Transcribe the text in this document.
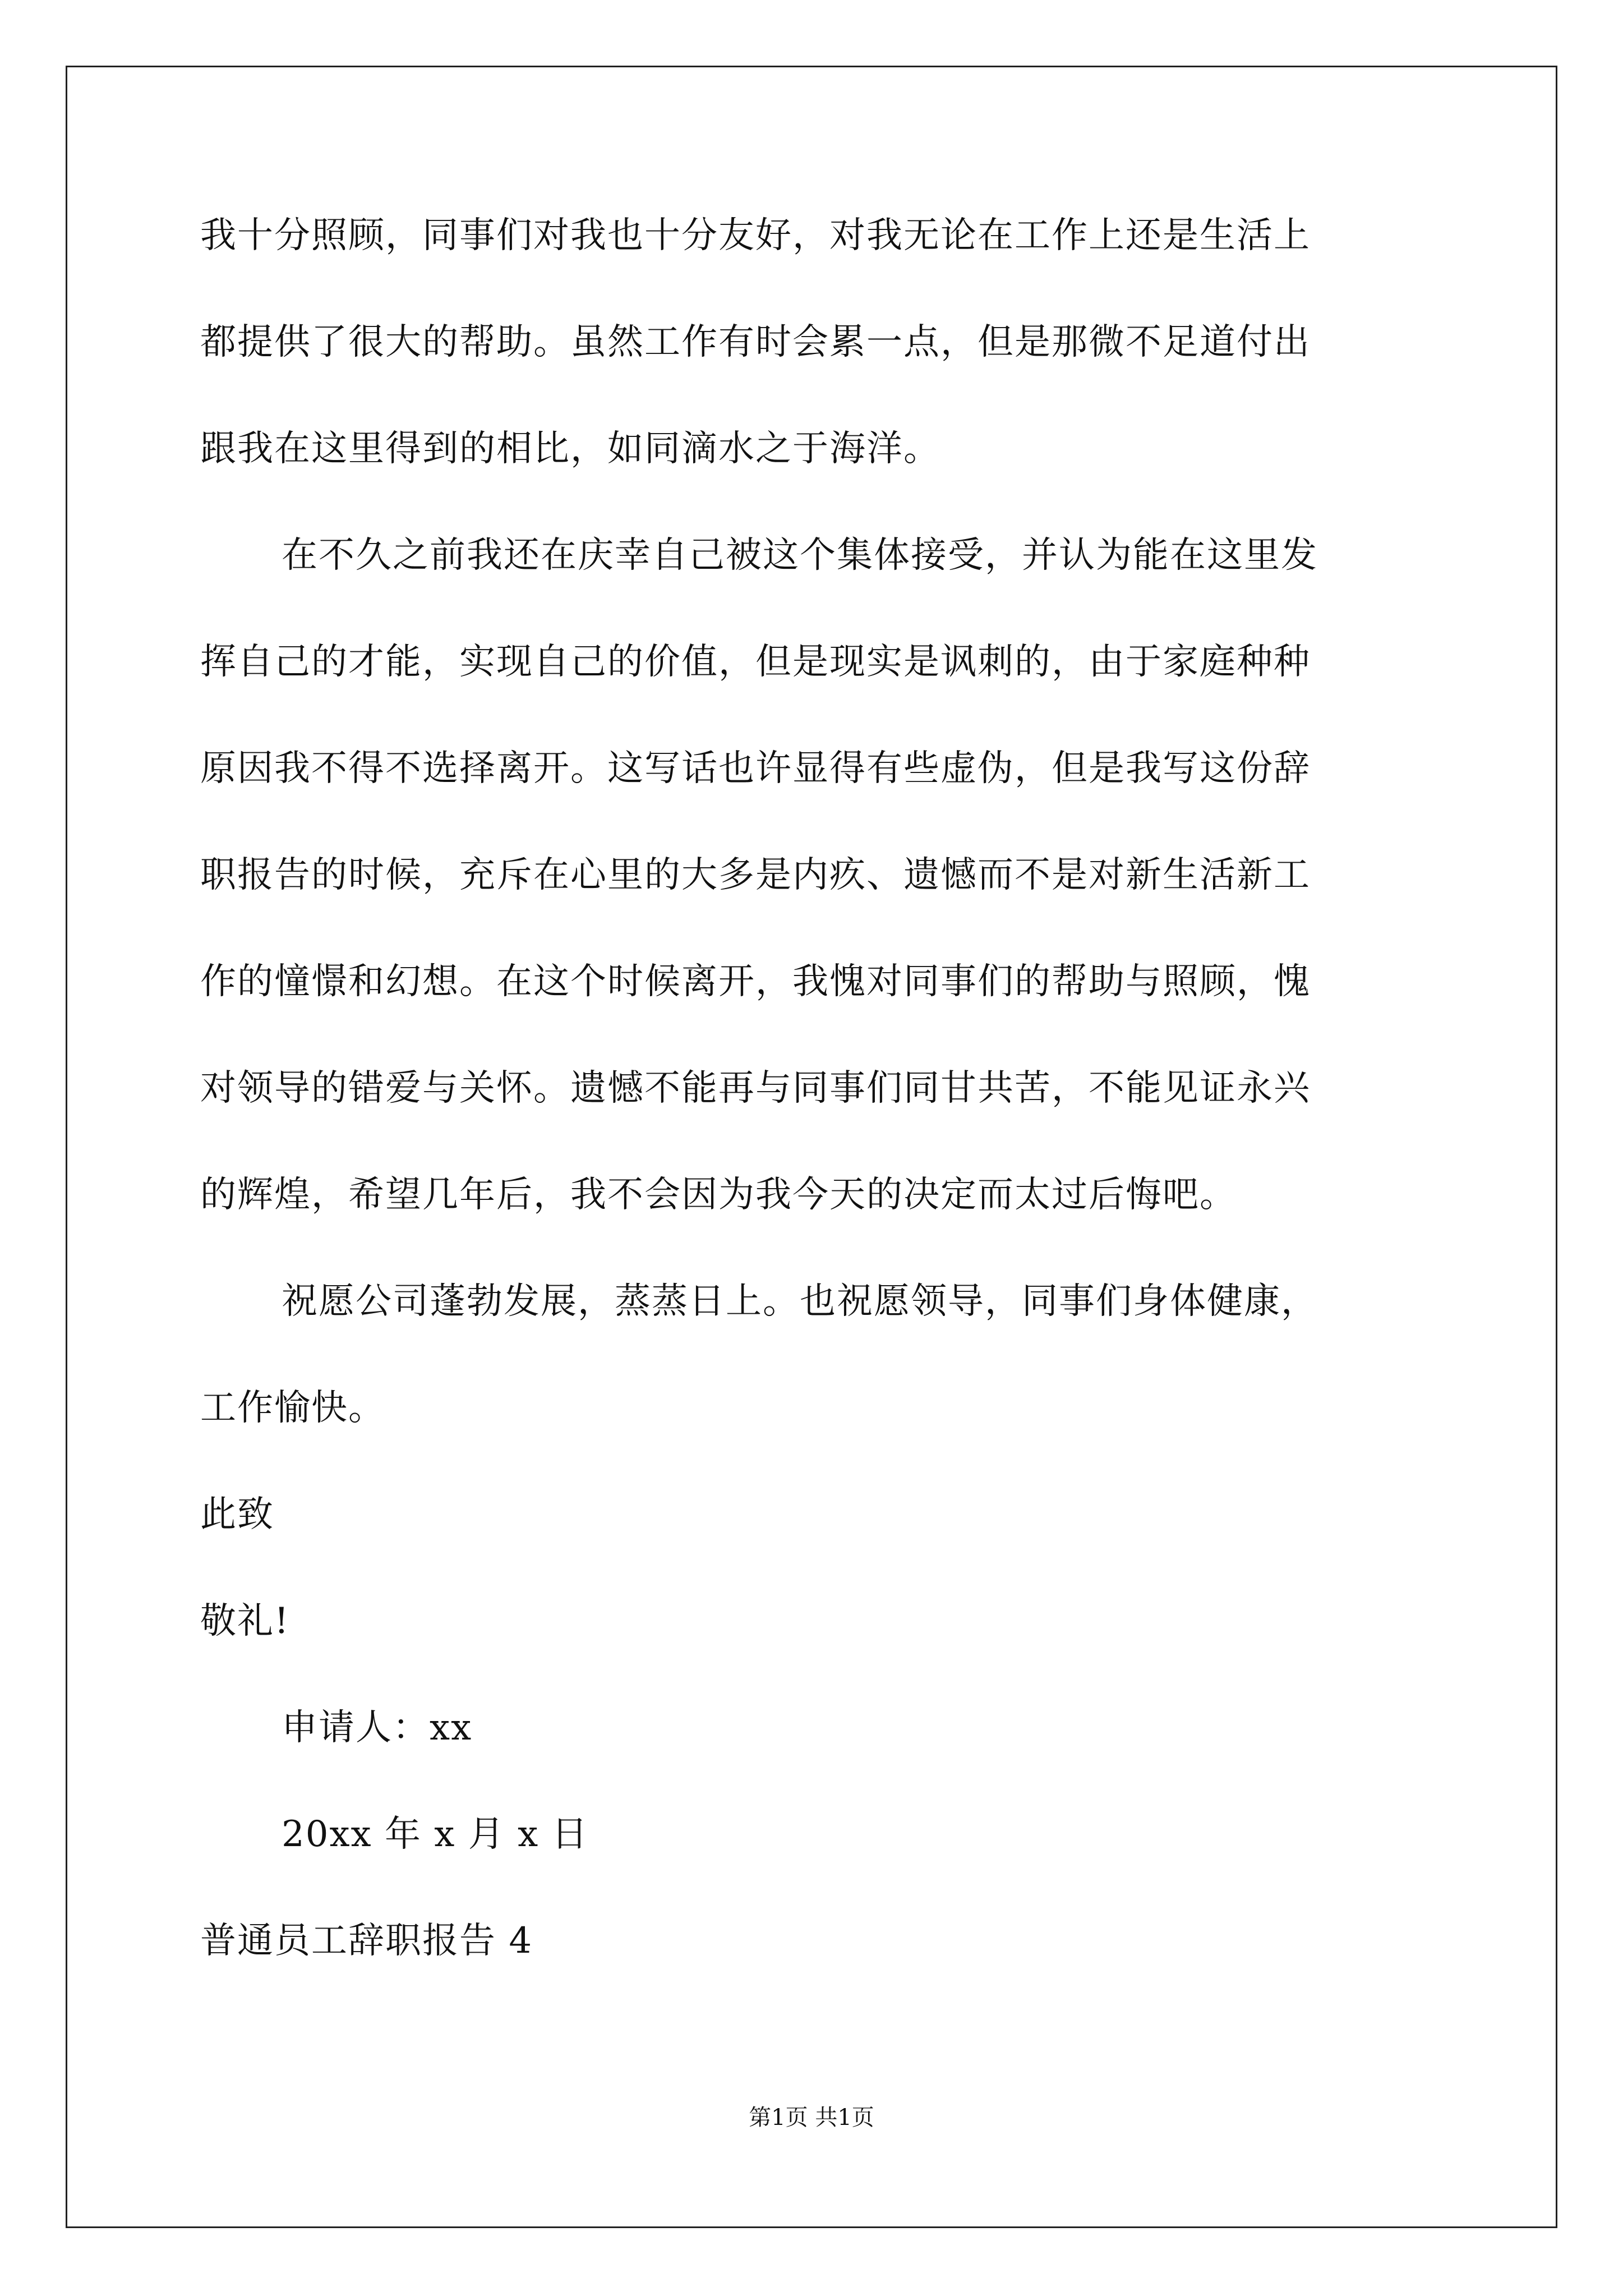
我十分照顾，同事们对我也十分友好，对我无论在工作上还是生活上
都提供了很大的帮助。虽然工作有时会累一点，但是那微不足道付出
跟我在这里得到的相比，如同滴水之于海洋。
在不久之前我还在庆幸自己被这个集体接受，并认为能在这里发
挥自己的才能，实现自己的价值，但是现实是讽刺的，由于家庭种种
原因我不得不选择离开。这写话也许显得有些虚伪，但是我写这份辞
职报告的时候，充斥在心里的大多是内疚、遗憾而不是对新生活新工
作的憧憬和幻想。在这个时候离开，我愧对同事们的帮助与照顾，愧
对领导的错爱与关怀。遗憾不能再与同事们同甘共苦，不能见证永兴
的辉煌，希望几年后，我不会因为我今天的决定而太过后悔吧。
祝愿公司蓬勃发展，蒸蒸日上。也祝愿领导，同事们身体健康，
工作愉快。
此致
敬礼!
申请人：xx
20xx 年 x 月 x 日
普通员工辞职报告 4
第1页 共1页
